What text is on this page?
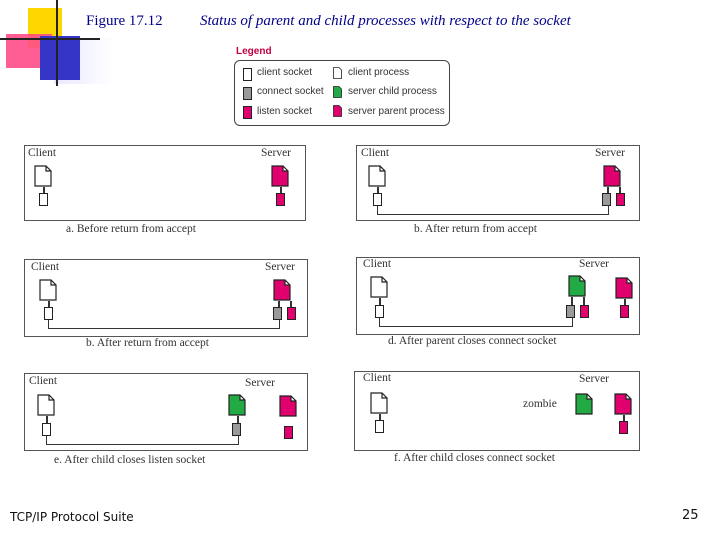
Figure 17.12 Status of parent and child processes with respect to the socket
Legend
client socket
connect socket
listen socket
client process
server child process
server parent process
Client	Server
a. Before return from accept
Client	Server
b. After return from accept
Client	Server
b. After return from accept
Client	Server
d. After parent closes connect socket
Client	Server
e. After child closes listen socket
Client	Server
zombie
f. After child closes connect socket
TCP/IP Protocol Suite	25
